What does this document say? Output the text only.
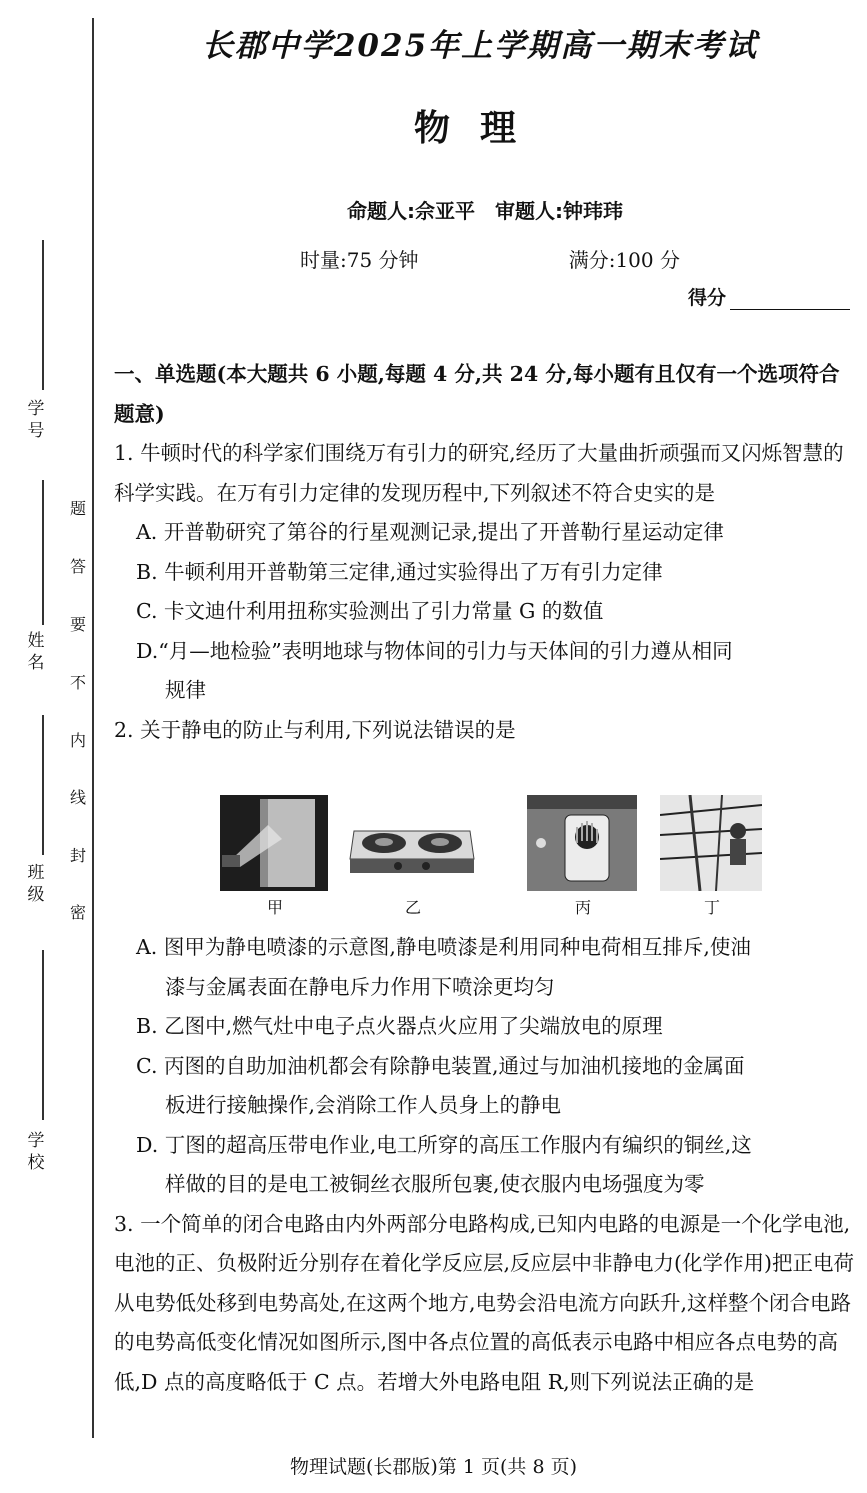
学号
姓名
班级
学校
密
封
线
内
不
要
答
题
长郡中学2025年上学期高一期末考试
物理
命题人:佘亚平　审题人:钟玮玮
时量:75 分钟	满分:100 分
得分

一、单选题(本大题共 6 小题,每题 4 分,共 24 分,每小题有且仅有一个选项符合题意)

1. 牛顿时代的科学家们围绕万有引力的研究,经历了大量曲折顽强而又闪烁智慧的科学实践。在万有引力定律的发现历程中,下列叙述不符合史实的是

A. 开普勒研究了第谷的行星观测记录,提出了开普勒行星运动定律

B. 牛顿利用开普勒第三定律,通过实验得出了万有引力定律

C. 卡文迪什利用扭称实验测出了引力常量 G 的数值

D.“月—地检验”表明地球与物体间的引力与天体间的引力遵从相同

规律

2. 关于静电的防止与利用,下列说法错误的是

甲	乙	丙	丁

A. 图甲为静电喷漆的示意图,静电喷漆是利用同种电荷相互排斥,使油

漆与金属表面在静电斥力作用下喷涂更均匀

B. 乙图中,燃气灶中电子点火器点火应用了尖端放电的原理

C. 丙图的自助加油机都会有除静电装置,通过与加油机接地的金属面

板进行接触操作,会消除工作人员身上的静电

D. 丁图的超高压带电作业,电工所穿的高压工作服内有编织的铜丝,这

样做的目的是电工被铜丝衣服所包裹,使衣服内电场强度为零

3. 一个简单的闭合电路由内外两部分电路构成,已知内电路的电源是一个化学电池,电池的正、负极附近分别存在着化学反应层,反应层中非静电力(化学作用)把正电荷从电势低处移到电势高处,在这两个地方,电势会沿电流方向跃升,这样整个闭合电路的电势高低变化情况如图所示,图中各点位置的高低表示电路中相应各点电势的高低,D 点的高度略低于 C 点。若增大外电路电阻 R,则下列说法正确的是

物理试题(长郡版)第 1 页(共 8 页)
